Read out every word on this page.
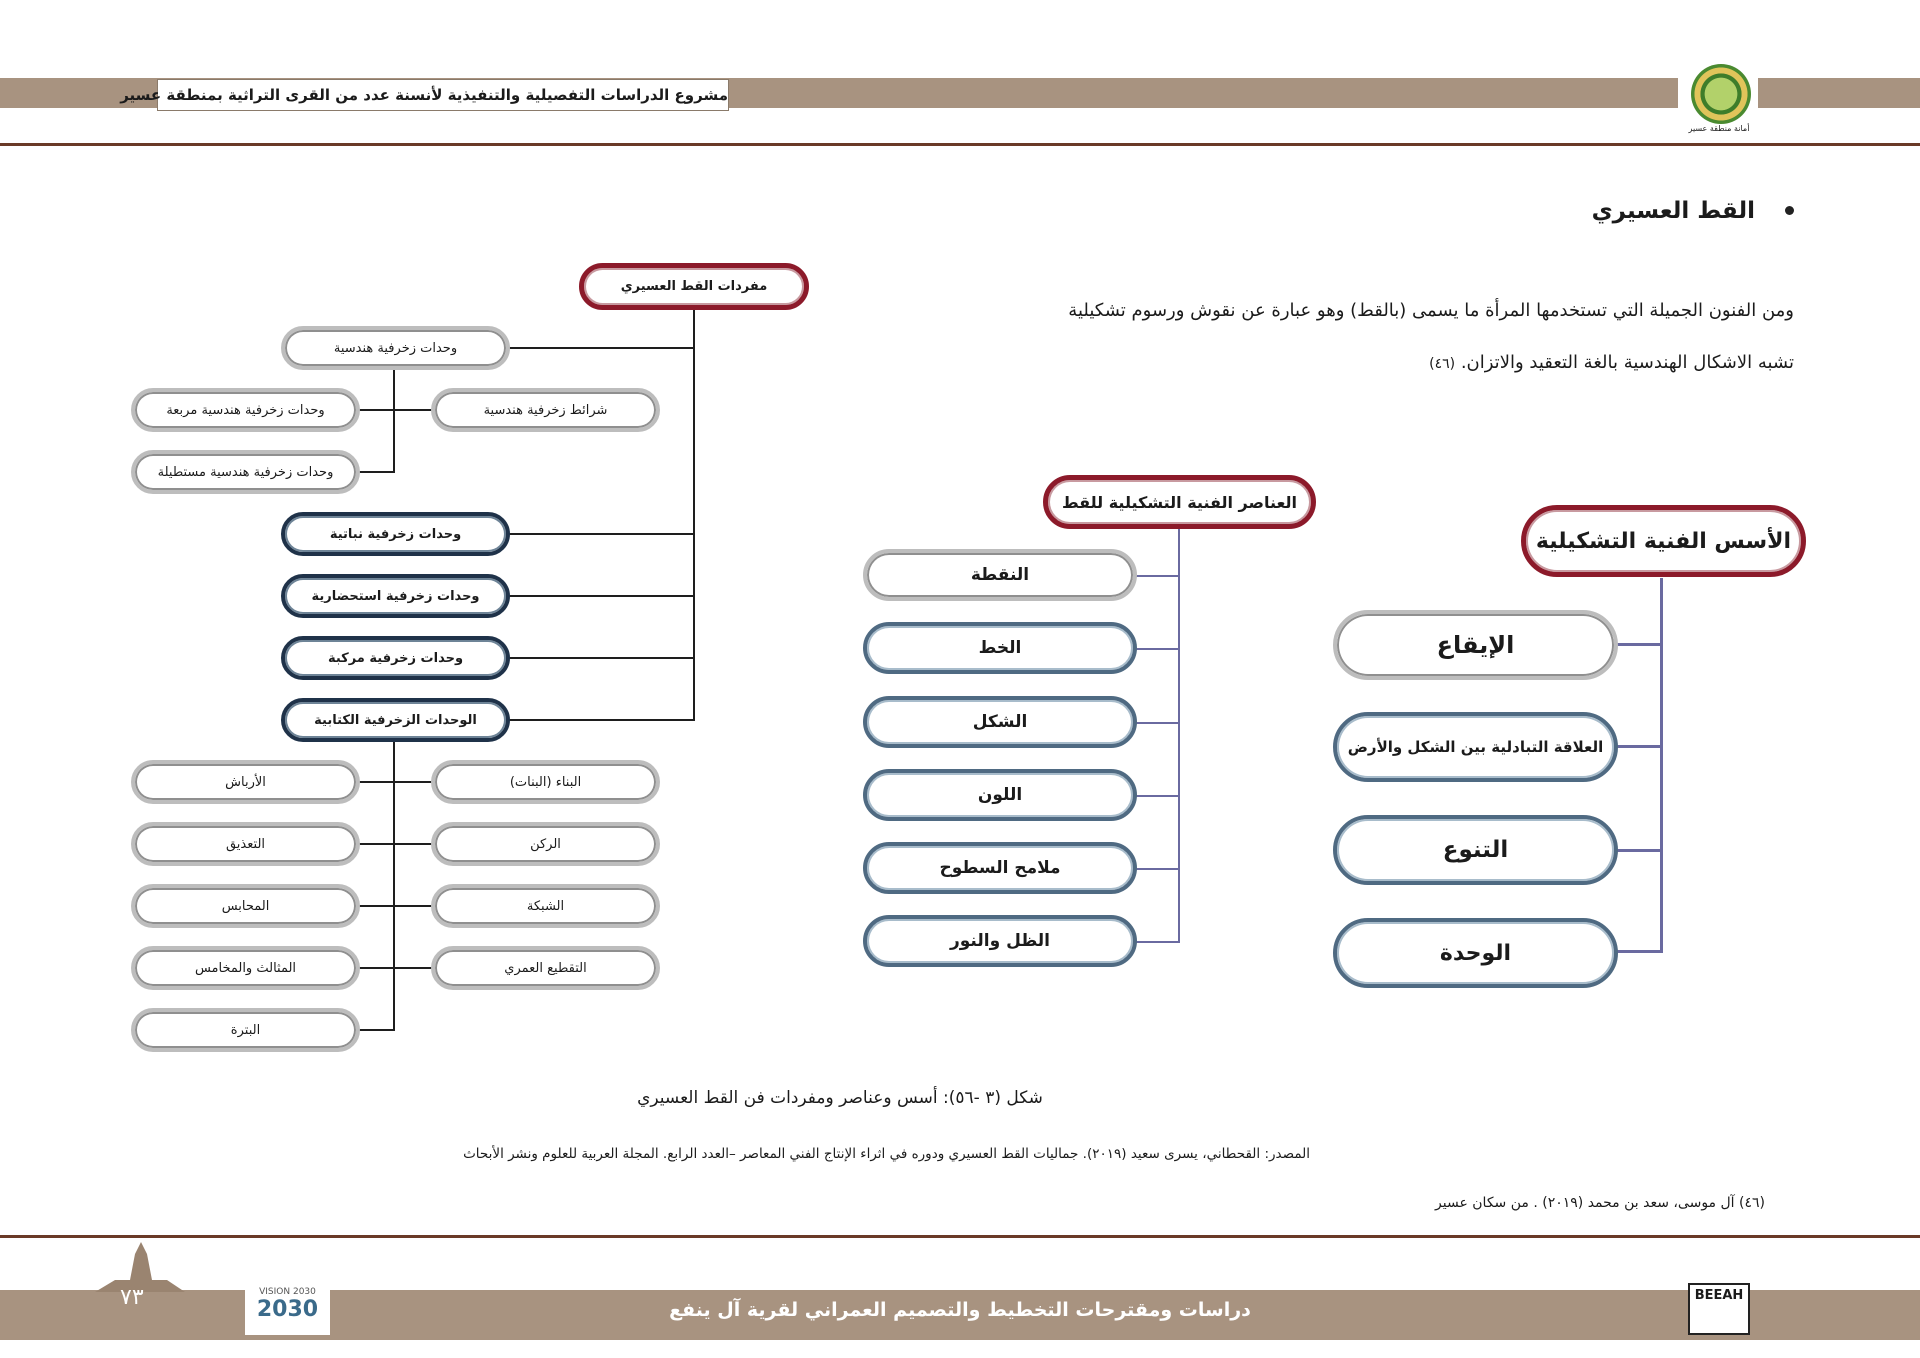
مشروع الدراسات التفصيلية والتنفيذية لأنسنة عدد من القرى التراثية بمنطقة عسير
أمانة منطقة عسير
القط العسيري
ومن الفنون الجميلة التي تستخدمها المرأة ما يسمى (بالقط) وهو عبارة عن نقوش ورسوم تشكيلية
تشبه الاشكال الهندسية بالغة التعقيد والاتزان. (٤٦)
الأسس الفنية التشكيلية
الإيقاع
العلاقة التبادلية بين الشكل والأرض
التنوع
الوحدة
العناصر الفنية التشكيلية للقط
النقطة
الخط
الشكل
اللون
ملامح السطوح
الظل والنور
مفردات القط العسيري
وحدات زخرفية هندسية
شرائط زخرفية هندسية
وحدات زخرفية هندسية مربعة
وحدات زخرفية هندسية مستطيلة
وحدات زخرفية نباتية
وحدات زخرفية استحضارية
وحدات زخرفية مركبة
الوحدات الزخرفية الكتابية
البناء (البنات)
الركن
الشبكة
التقطيع العمري
الأرباش
التعذيق
المحابس
المثالث والمخامس
البترة
شكل (٣ -٥٦): أسس وعناصر ومفردات فن القط العسيري
المصدر: القحطاني، يسرى سعيد (٢٠١٩). جماليات القط العسيري ودوره في اثراء الإنتاج الفني المعاصر –العدد الرابع. المجلة العربية للعلوم ونشر الأبحاث
(٤٦) آل موسى، سعد بن محمد (٢٠١٩) . من سكان عسير
٧٣	VISION 2030
2030	دراسات ومقترحات التخطيط والتصميم العمراني لقرية آل ينفع
BEEAH
